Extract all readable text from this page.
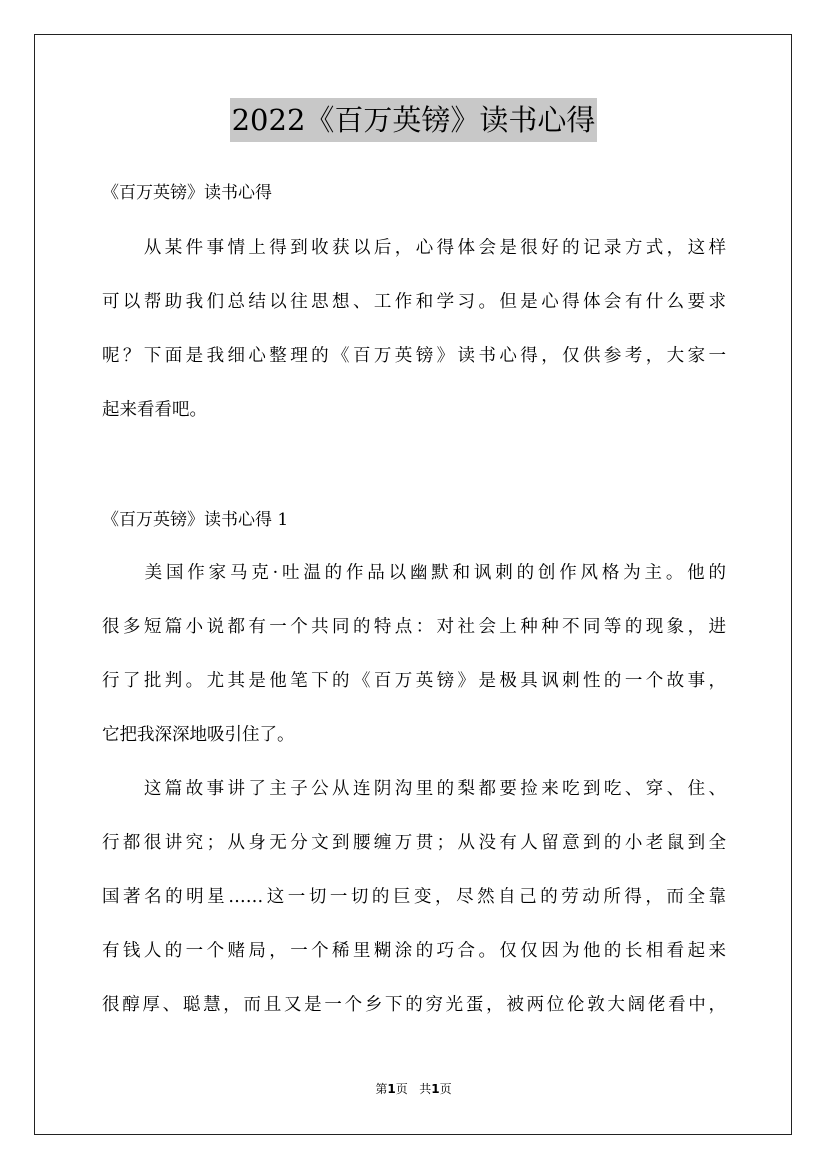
2022《百万英镑》读书心得
《百万英镑》读书心得
　　从某件事情上得到收获以后，心得体会是很好的记录方式，这样
可以帮助我们总结以往思想、工作和学习。但是心得体会有什么要求
呢？下面是我细心整理的《百万英镑》读书心得，仅供参考，大家一
起来看看吧。
《百万英镑》读书心得 1
　　美国作家马克·吐温的作品以幽默和讽刺的创作风格为主。他的
很多短篇小说都有一个共同的特点：对社会上种种不同等的现象，进
行了批判。尤其是他笔下的《百万英镑》是极具讽刺性的一个故事，
它把我深深地吸引住了。
　　这篇故事讲了主子公从连阴沟里的梨都要捡来吃到吃、穿、住、
行都很讲究；从身无分文到腰缠万贯；从没有人留意到的小老鼠到全
国著名的明星……这一切一切的巨变，尽然自己的劳动所得，而全靠
有钱人的一个赌局，一个稀里糊涂的巧合。仅仅因为他的长相看起来
很醇厚、聪慧，而且又是一个乡下的穷光蛋，被两位伦敦大阔佬看中，
第1页 共1页
